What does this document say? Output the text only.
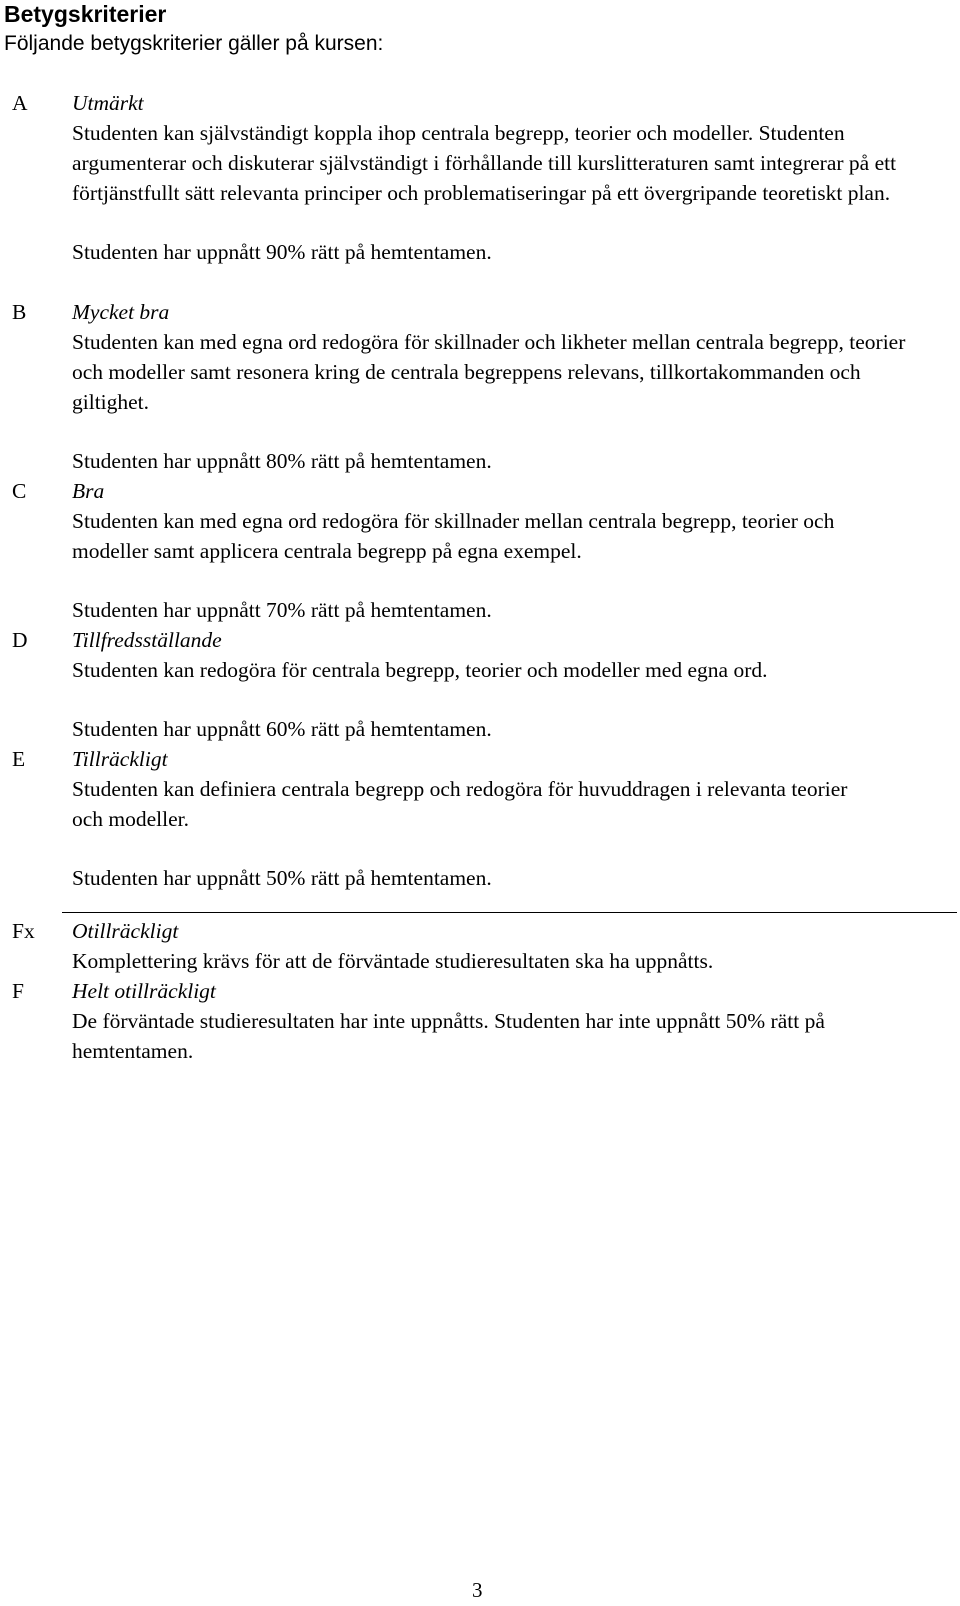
Betygskriterier
Följande betygskriterier gäller på kursen:
A	Utmärkt

Studenten kan självständigt koppla ihop centrala begrepp, teorier och modeller. Studenten argumenterar och diskuterar självständigt i förhållande till kurslitteraturen samt integrerar på ett förtjänstfullt sätt relevanta principer och problematiseringar på ett övergripande teoretiskt plan.

Studenten har uppnått 90% rätt på hemtentamen.
B	Mycket bra

Studenten kan med egna ord redogöra för skillnader och likheter mellan centrala begrepp, teorier och modeller samt resonera kring de centrala begreppens relevans, tillkortakommanden och giltighet.

Studenten har uppnått 80% rätt på hemtentamen.
C	Bra

Studenten kan med egna ord redogöra för skillnader mellan centrala begrepp, teorier och modeller samt applicera centrala begrepp på egna exempel.

Studenten har uppnått 70% rätt på hemtentamen.
D	Tillfredsställande

Studenten kan redogöra för centrala begrepp, teorier och modeller med egna ord.

Studenten har uppnått 60% rätt på hemtentamen.
E	Tillräckligt

Studenten kan definiera centrala begrepp och redogöra för huvuddragen i relevanta teorier och modeller.

Studenten har uppnått 50% rätt på hemtentamen.
Fx	Otillräckligt

Komplettering krävs för att de förväntade studieresultaten ska ha uppnåtts.

F	Helt otillräckligt

De förväntade studieresultaten har inte uppnåtts. Studenten har inte uppnått 50% rätt på hemtentamen.

3
